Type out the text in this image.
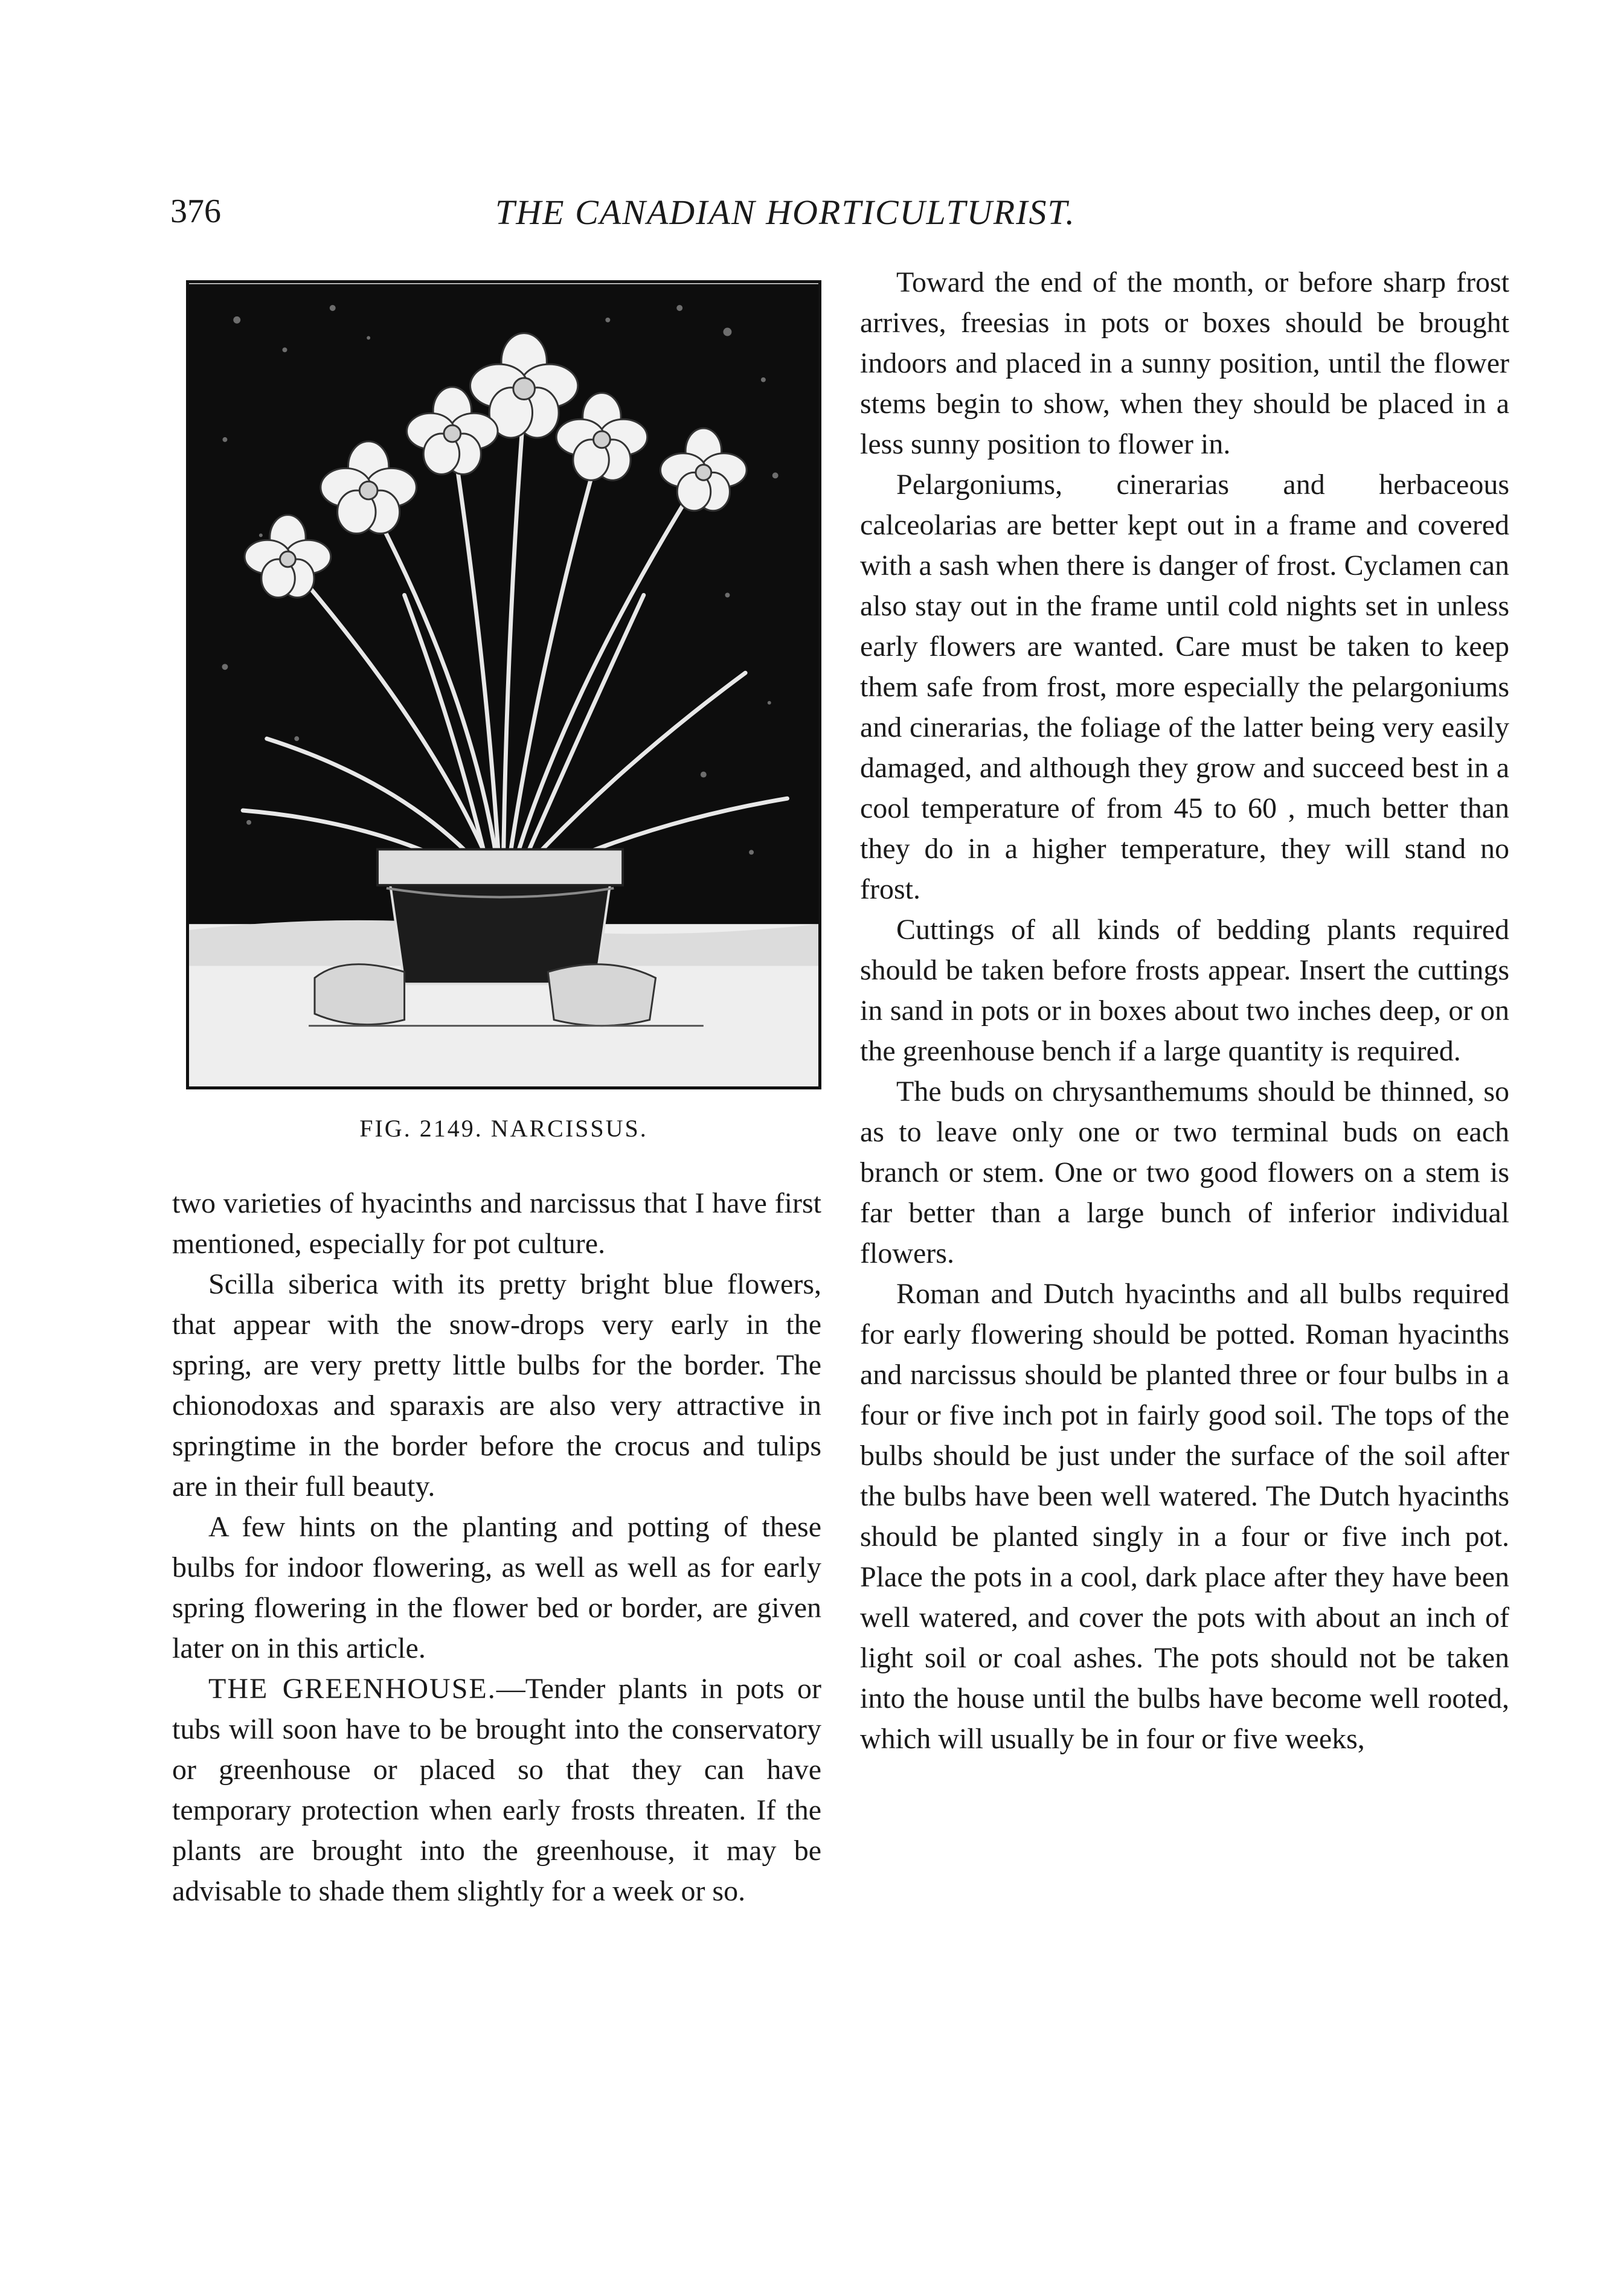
376	THE CANADIAN HORTICULTURIST.
FIG. 2149. NARCISSUS.

two varieties of hyacinths and narcissus that I have first mentioned, especially for pot culture.

Scilla siberica with its pretty bright blue flowers, that appear with the snow-drops very early in the spring, are very pretty little bulbs for the border. The chionodoxas and sparaxis are also very attractive in springtime in the border before the crocus and tulips are in their full beauty.

A few hints on the planting and potting of these bulbs for indoor flowering, as well as well as for early spring flowering in the flower bed or border, are given later on in this article.

THE GREENHOUSE.—Tender plants in pots or tubs will soon have to be brought into the conservatory or greenhouse or placed so that they can have temporary protection when early frosts threaten. If the plants are brought into the greenhouse, it may be advisable to shade them slightly for a week or so.

Toward the end of the month, or before sharp frost arrives, freesias in pots or boxes should be brought indoors and placed in a sunny position, until the flower stems begin to show, when they should be placed in a less sunny position to flower in.

Pelargoniums, cinerarias and herbaceous calceolarias are better kept out in a frame and covered with a sash when there is danger of frost. Cyclamen can also stay out in the frame until cold nights set in unless early flowers are wanted. Care must be taken to keep them safe from frost, more especially the pelargoniums and cinerarias, the foliage of the latter being very easily damaged, and although they grow and succeed best in a cool temperature of from 45 to 60 , much better than they do in a higher temperature, they will stand no frost.

Cuttings of all kinds of bedding plants required should be taken before frosts appear. Insert the cuttings in sand in pots or in boxes about two inches deep, or on the greenhouse bench if a large quantity is required.

The buds on chrysanthemums should be thinned, so as to leave only one or two terminal buds on each branch or stem. One or two good flowers on a stem is far better than a large bunch of inferior individual flowers.

Roman and Dutch hyacinths and all bulbs required for early flowering should be potted. Roman hyacinths and narcissus should be planted three or four bulbs in a four or five inch pot in fairly good soil. The tops of the bulbs should be just under the surface of the soil after the bulbs have been well watered. The Dutch hyacinths should be planted singly in a four or five inch pot. Place the pots in a cool, dark place after they have been well watered, and cover the pots with about an inch of light soil or coal ashes. The pots should not be taken into the house until the bulbs have become well rooted, which will usually be in four or five weeks,
